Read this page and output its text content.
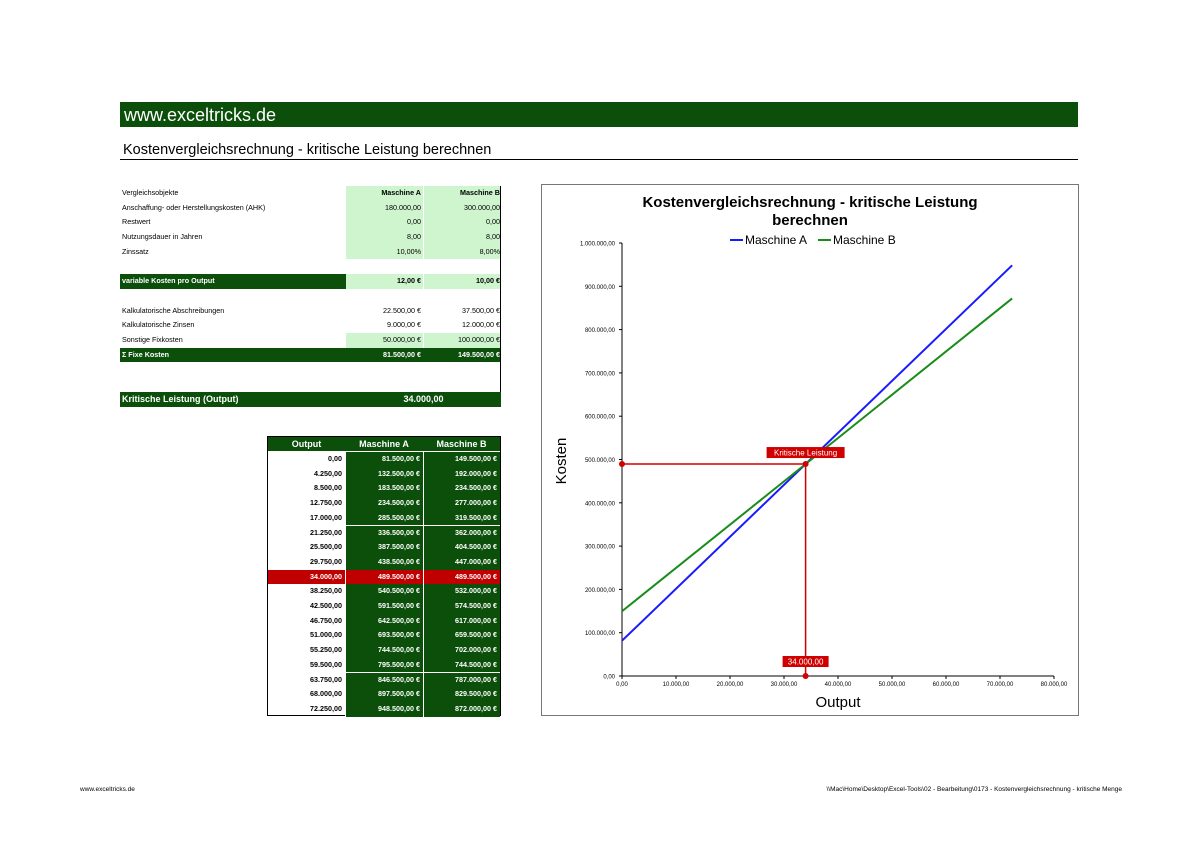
www.exceltricks.de
Kostenvergleichsrechnung - kritische Leistung berechnen
Vergleichsobjekte	Maschine A	Maschine B
Anschaffung- oder Herstellungskosten (AHK)	180.000,00	300.000,00
Restwert	0,00	0,00
Nutzungsdauer in Jahren	8,00	8,00
Zinssatz	10,00%	8,00%
variable Kosten pro Output	12,00 €	10,00 €
Kalkulatorische Abschreibungen	22.500,00 €	37.500,00 €
Kalkulatorische Zinsen	9.000,00 €	12.000,00 €
Sonstige Fixkosten	50.000,00 €	100.000,00 €
Σ Fixe Kosten	81.500,00 €	149.500,00 €
Kritische Leistung (Output)	34.000,00
Output	Maschine A	Maschine B
0,00	81.500,00 €	149.500,00 €
4.250,00	132.500,00 €	192.000,00 €
8.500,00	183.500,00 €	234.500,00 €
12.750,00	234.500,00 €	277.000,00 €
17.000,00	285.500,00 €	319.500,00 €
21.250,00	336.500,00 €	362.000,00 €
25.500,00	387.500,00 €	404.500,00 €
29.750,00	438.500,00 €	447.000,00 €
34.000,00	489.500,00 €	489.500,00 €
38.250,00	540.500,00 €	532.000,00 €
42.500,00	591.500,00 €	574.500,00 €
46.750,00	642.500,00 €	617.000,00 €
51.000,00	693.500,00 €	659.500,00 €
55.250,00	744.500,00 €	702.000,00 €
59.500,00	795.500,00 €	744.500,00 €
63.750,00	846.500,00 €	787.000,00 €
68.000,00	897.500,00 €	829.500,00 €
72.250,00	948.500,00 €	872.000,00 €
Kostenvergleichsrechnung - kritische Leistung
berechnen
Maschine A Maschine B
0,00
100.000,00
200.000,00
300.000,00
400.000,00
500.000,00
600.000,00
700.000,00
800.000,00
900.000,00
1.000.000,00
0,00	10.000,00	20.000,00	30.000,00	40.000,00	50.000,00	60.000,00	70.000,00	80.000,00
Output
Kosten	Kritische Leistung
34.000,00
www.exceltricks.de	\\Mac\Home\Desktop\Excel-Tools\02 - Bearbeitung\0173 - Kostenvergleichsrechnung - kritische Menge
